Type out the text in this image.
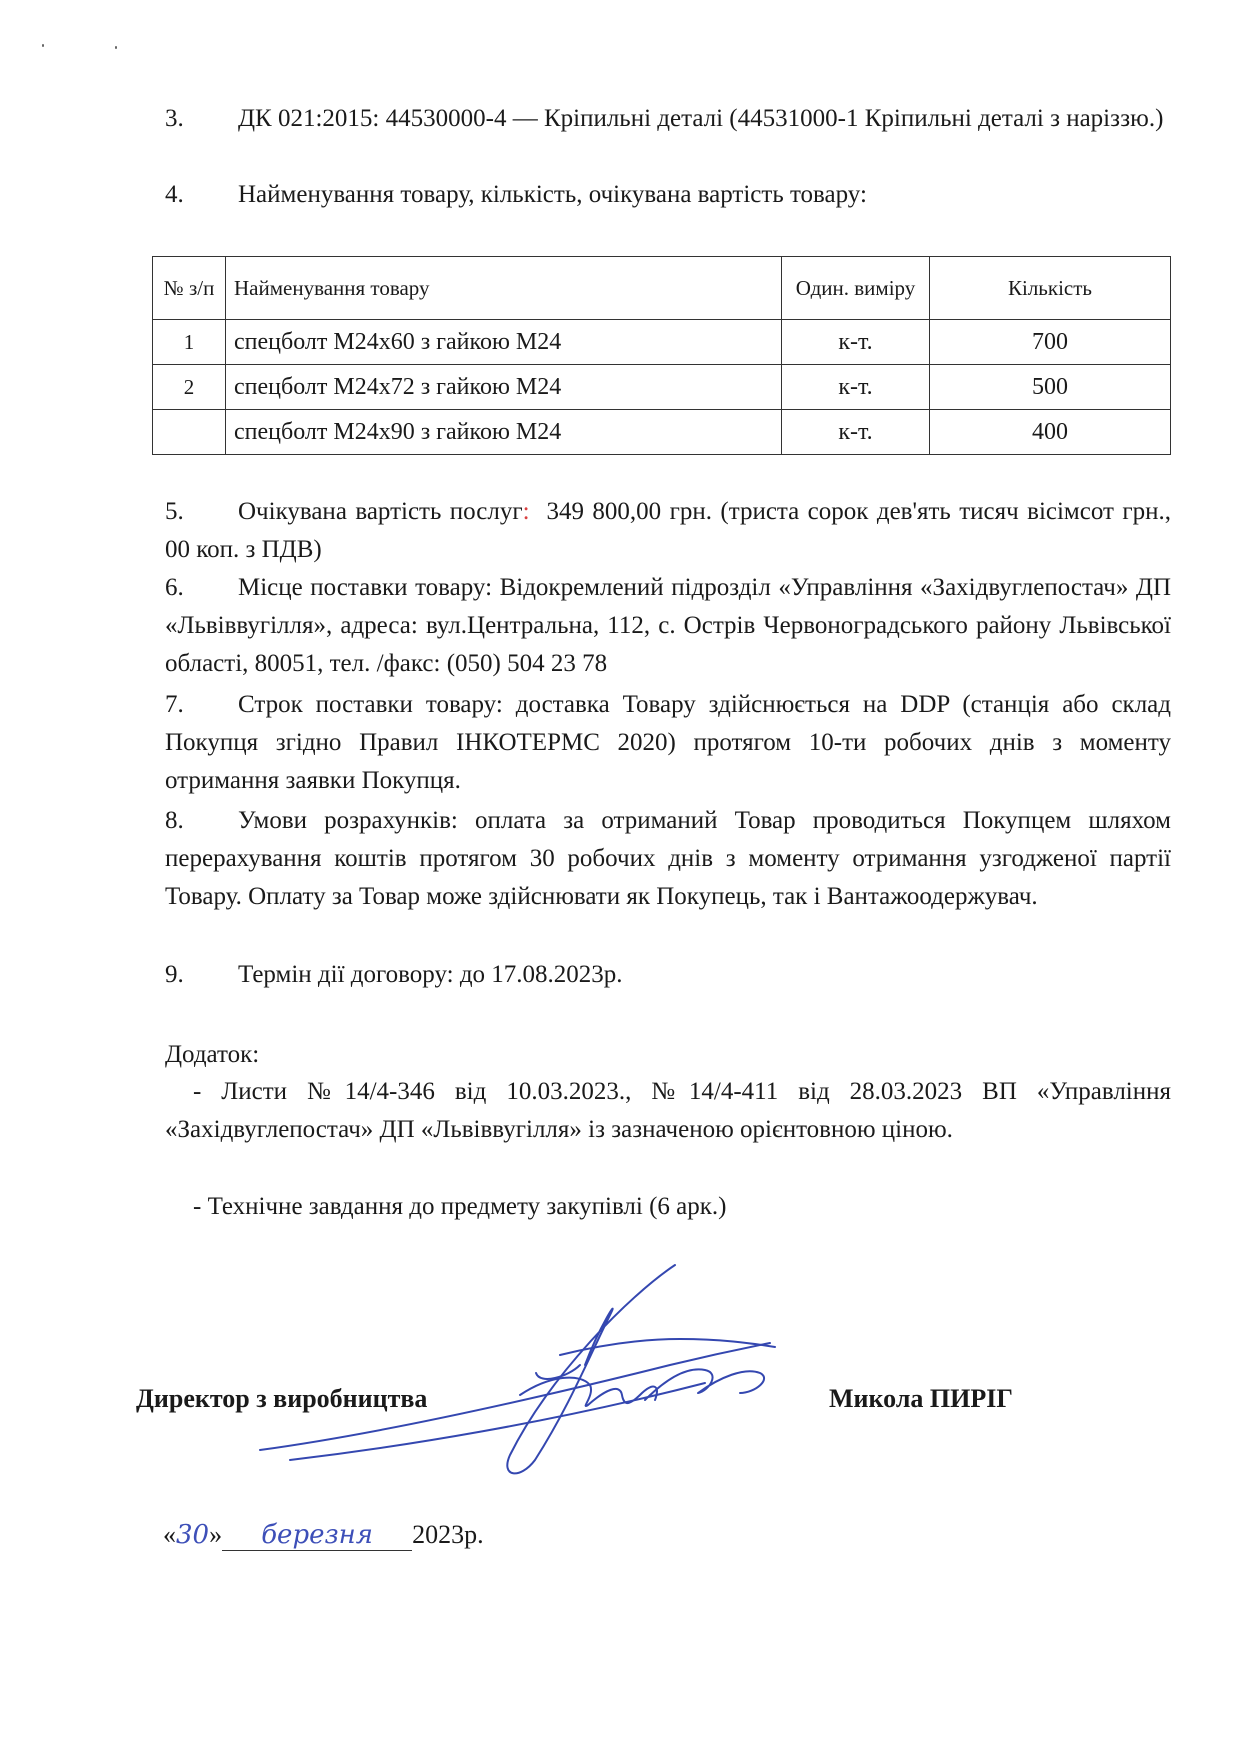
3. ДК 021:2015: 44530000-4 — Кріпильні деталі (44531000-1 Кріпильні деталі з наріззю.)
4. Найменування товару, кількість, очікувана вартість товару:
№ з/п	Найменування товару	Один. виміру	Кількість
1	спецболт М24х60 з гайкою М24	к-т.	700
2	спецболт М24х72 з гайкою М24	к-т.	500
	спецболт М24х90 з гайкою М24	к-т.	400
5. Очікувана вартість послуг: 349 800,00 грн. (триста сорок дев'ять тисяч вісімсот грн., 00 коп. з ПДВ)
6. Місце поставки товару: Відокремлений підрозділ «Управління «Західвуглепостач» ДП «Львіввугілля», адреса: вул.Центральна, 112, с. Острів Червоноградського району Львівської області, 80051, тел. /факс: (050) 504 23 78
7. Строк поставки товару: доставка Товару здійснюється на DDP (станція або склад Покупця згідно Правил ІНКОТЕРМС 2020) протягом 10-ти робочих днів з моменту отримання заявки Покупця.
8. Умови розрахунків: оплата за отриманий Товар проводиться Покупцем шляхом перерахування коштів протягом 30 робочих днів з моменту отримання узгодженої партії Товару. Оплату за Товар може здійснювати як Покупець, так і Вантажоодержувач.
9. Термін дії договору: до 17.08.2023р.
Додаток:
- Листи №14/4-346 від 10.03.2023., №14/4-411 від 28.03.2023 ВП «Управління «Західвуглепостач» ДП «Львіввугілля» із зазначеною орієнтовною ціною.
- Технічне завдання до предмету закупівлі (6 арк.)
Директор з виробництва	Микола ПИРІГ
«30» березня 2023р.
